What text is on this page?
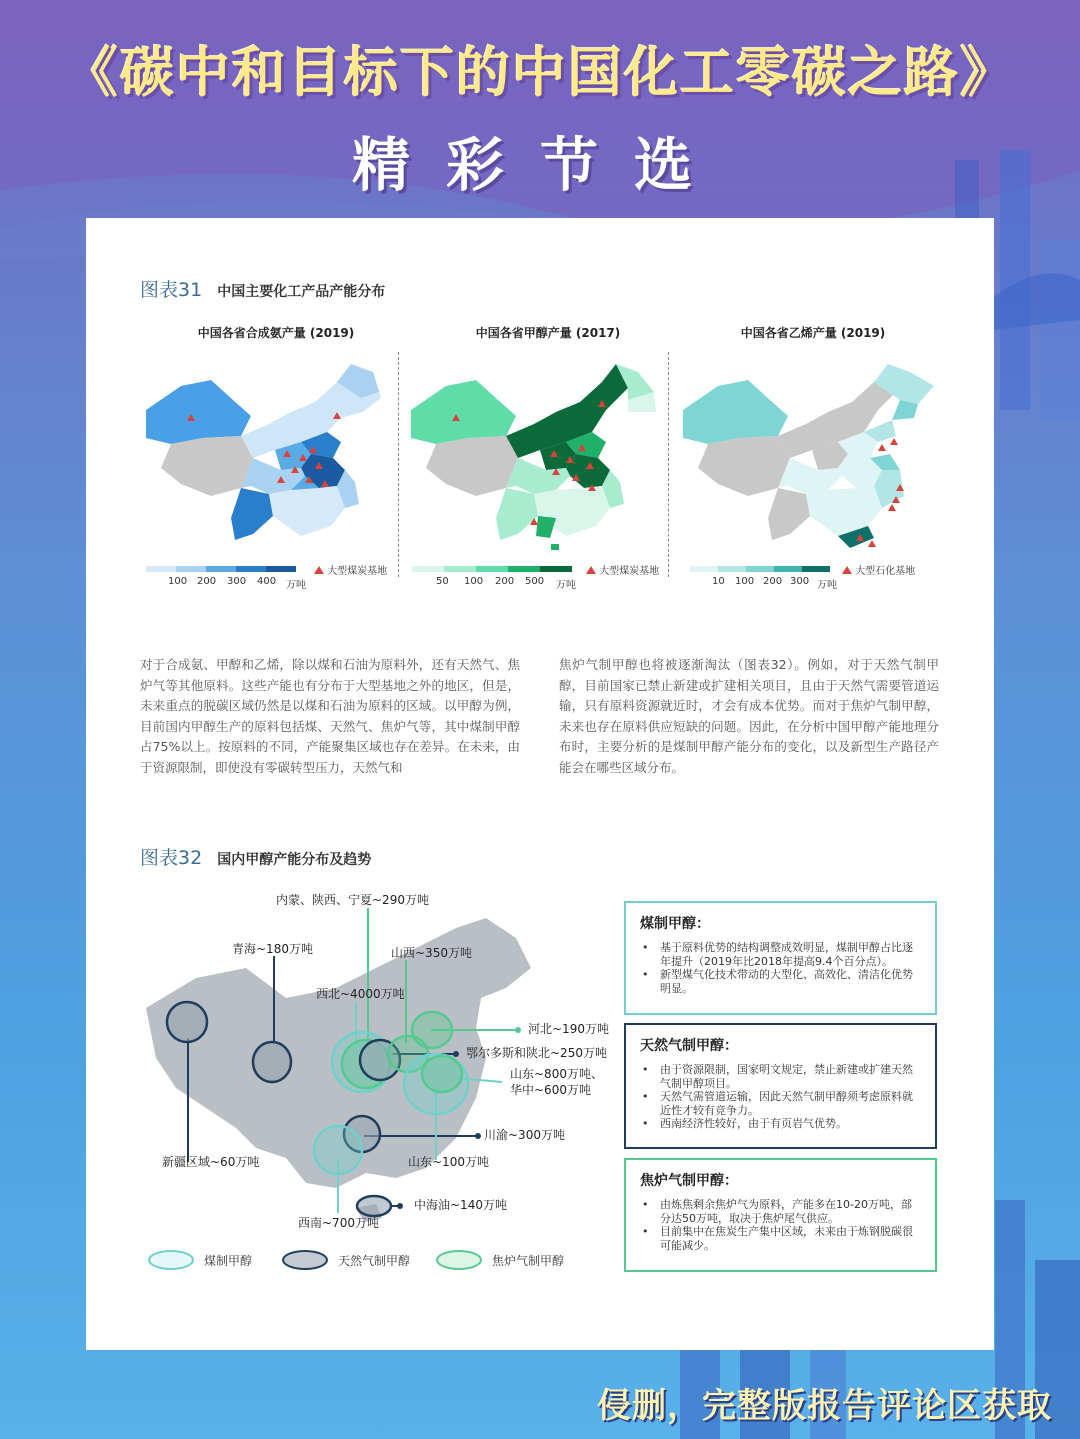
《碳中和目标下的中国化工零碳之路》
精彩节选
图表31 中国主要化工产品产能分布
中国各省合成氨产量 (2019)	中国各省甲醇产量 (2017)	中国各省乙烯产量 (2019)
100 200 300 400 万吨
大型煤炭基地
50 100 200 500 万吨
大型煤炭基地
10 100 200 300 万吨
大型石化基地

对于合成氨、甲醇和乙烯，除以煤和石油为原料外，还有天然气、焦炉气等其他原料。这些产能也有分布于大型基地之外的地区，但是，未来重点的脱碳区域仍然是以煤和石油为原料的区域。以甲醇为例，目前国内甲醇生产的原料包括煤、天然气、焦炉气等，其中煤制甲醇占75%以上。按原料的不同，产能聚集区域也存在差异。在未来，由于资源限制，即使没有零碳转型压力，天然气和

焦炉气制甲醇也将被逐渐淘汰（图表32）。例如，对于天然气制甲醇，目前国家已禁止新建或扩建相关项目，且由于天然气需要管道运输，只有原料资源就近时，才会有成本优势。而对于焦炉气制甲醇，未来也存在原料供应短缺的问题。因此，在分析中国甲醇产能地理分布时，主要分析的是煤制甲醇产能分布的变化，以及新型生产路径产能会在哪些区域分布。

图表32 国内甲醇产能分布及趋势
内蒙、陕西、宁夏~290万吨
青海~180万吨	山西~350万吨
西北~4000万吨
河北~190万吨
鄂尔多斯和陕北~250万吨
山东~800万吨、
华中~600万吨
川渝~300万吨
新疆区域~60万吨	山东~100万吨
中海油~140万吨
西南~700万吨
煤制甲醇	天然气制甲醇	焦炉气制甲醇
煤制甲醇：
• 基于原料优势的结构调整成效明显，煤制甲醇占比逐年提升（2019年比2018年提高9.4个百分点）。
• 新型煤气化技术带动的大型化、高效化、清洁化优势明显。
天然气制甲醇：
• 由于资源限制，国家明文规定，禁止新建或扩建天然气制甲醇项目。
• 天然气需管道运输，因此天然气制甲醇须考虑原料就近性才较有竞争力。
• 西南经济性较好，由于有页岩气优势。
焦炉气制甲醇：
• 由炼焦剩余焦炉气为原料，产能多在10-20万吨，部分达50万吨，取决于焦炉尾气供应。
• 目前集中在焦炭生产集中区域，未来由于炼钢脱碳很可能减少。
侵删，完整版报告评论区获取
